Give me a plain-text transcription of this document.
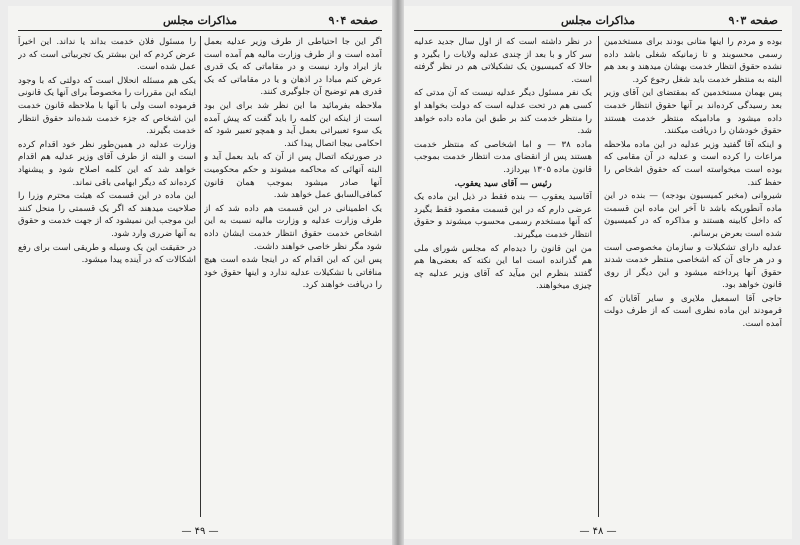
صفحه ۹۰۴
مذاکرات مجلس

اگر این جا احتیاطی از طرف وزیر عدلیه بعمل آمده است و از طرف وزارت مالیه هم آمده است باز ایراد وارد نیست و در مقاماتی که یک قدری عرض کنم مبادا در اذهان و یا در مقاماتی که یک قدری هم توضیح آن جلوگیری کنند.

ملاحظه بفرمائید ما این نظر شد برای این بود است از اینکه این کلمه را باید گفت که پیش آمده یک سوء تعبیراتی بعمل آید و همچو تعبیر شود که احکامی بیجا اتصال پیدا کند.

در صورتیکه اتصال پس از آن که باید بعمل آید و البته آنهائی که محاکمه میشوند و حکم محکومیت آنها صادر میشود بموجب همان قانون کمافی‌السابق عمل خواهد شد.

یک اطمینانی در این قسمت هم داده شد که از طرف وزارت عدلیه و وزارت مالیه نسبت به این اشخاص خدمت حقوق انتظار خدمت ایشان داده شود مگر نظر خاصی خواهند داشت.

پس این که این اقدام که در اینجا شده است هیچ منافاتی با تشکیلات عدلیه ندارد و اینها حقوق خود را دریافت خواهند کرد.

را مسئول فلان خدمت بداند یا نداند. این اخیراً عرض کردم که این بیشتر یک تجربیاتی است که در عمل شده است.

یکی هم مسئله انحلال است که دولتی که با وجود اینکه این مقررات را مخصوصاً برای آنها یک قانونی فرموده است ولی با آنها با ملاحظه قانون خدمت این اشخاص که جزء خدمت شده‌اند حقوق انتظار خدمت بگیرند.

وزارت عدلیه در همین‌طور نظر خود اقدام کرده است و البته از طرف آقای وزیر عدلیه هم اقدام خواهد شد که این کلمه اصلاح شود و پیشنهاد کرده‌اند که دیگر ابهامی باقی نماند.

این ماده در این قسمت که هیئت محترم وزرا را صلاحیت میدهند که اگر یک قسمتی را منحل کنند این موجب این نمیشود که از جهت خدمت و حقوق به آنها ضرری وارد شود.

در حقیقت این یک وسیله و طریقی است برای رفع اشکالات که در آینده پیدا میشود.

— ۴۹ —
صفحه ۹۰۳
مذاکرات مجلس

بوده و مردم را اینها متانی بودند برای مستخدمین رسمی محسوبند و تا زمانیکه شغلی باشد داده نشده حقوق انتظار خدمت بهشان میدهند و بعد هم البته به منتظر خدمت باید شغل رجوع کرد.

پس بهمان مستخدمین که بمقتضای این آقای وزیر بعد رسیدگی کرده‌اند بر آنها حقوق انتظار خدمت داده میشود و مادامیکه منتظر خدمت هستند حقوق خودشان را دریافت میکنند.

و اینکه آقا گفتید وزیر عدلیه در این ماده ملاحظه مراعات را کرده است و عدلیه در آن مقامی که بوده است میخواسته است که حقوق اشخاص را حفظ کند.

شیروانی (مخبر کمیسیون بودجه) — بنده در این ماده آنطوریکه باشد تا آخر این ماده این قسمت که داخل کابینه هستند و مذاکره که در کمیسیون شده است بعرض برسانم.

عدلیه دارای تشکیلات و سازمان مخصوصی است و در هر جای آن که اشخاصی منتظر خدمت شدند حقوق آنها پرداخته میشود و این دیگر از روی قانون خواهد بود.

حاجی آقا اسمعیل ملایری و سایر آقایان که فرمودند این ماده نظری است که از طرف دولت آمده است.

در نظر داشته است که از اول سال جدید عدلیه سر کار و با بعد از چندی عدلیه ولایات را بگیرد و حالا که کمیسیون یک تشکیلاتی هم در نظر گرفته است.

یک نفر مسئول دیگر عدلیه نیست که آن مدتی که کسی هم در تحت عدلیه است که دولت بخواهد او را منتظر خدمت کند بر طبق این ماده داده خواهد شد.

ماده ۳۸ — و اما اشخاصی که منتظر خدمت هستند پس از انقضای مدت انتظار خدمت بموجب قانون ماده ۱۳۰۵ بپردازد.

رئیس — آقای سید یعقوب.

آقاسید یعقوب — بنده فقط در ذیل این ماده یک عرضی دارم که در این قسمت مقصود فقط بگیرد که آنها مستخدم رسمی محسوب میشوند و حقوق انتظار خدمت میگیرند.

من این قانون را دیده‌ام که مجلس شورای ملی هم گذرانده است اما این نکته که بعضی‌ها هم گفتند بنظرم این میآید که آقای وزیر عدلیه چه چیزی میخواهند.

— ۴۸ —
